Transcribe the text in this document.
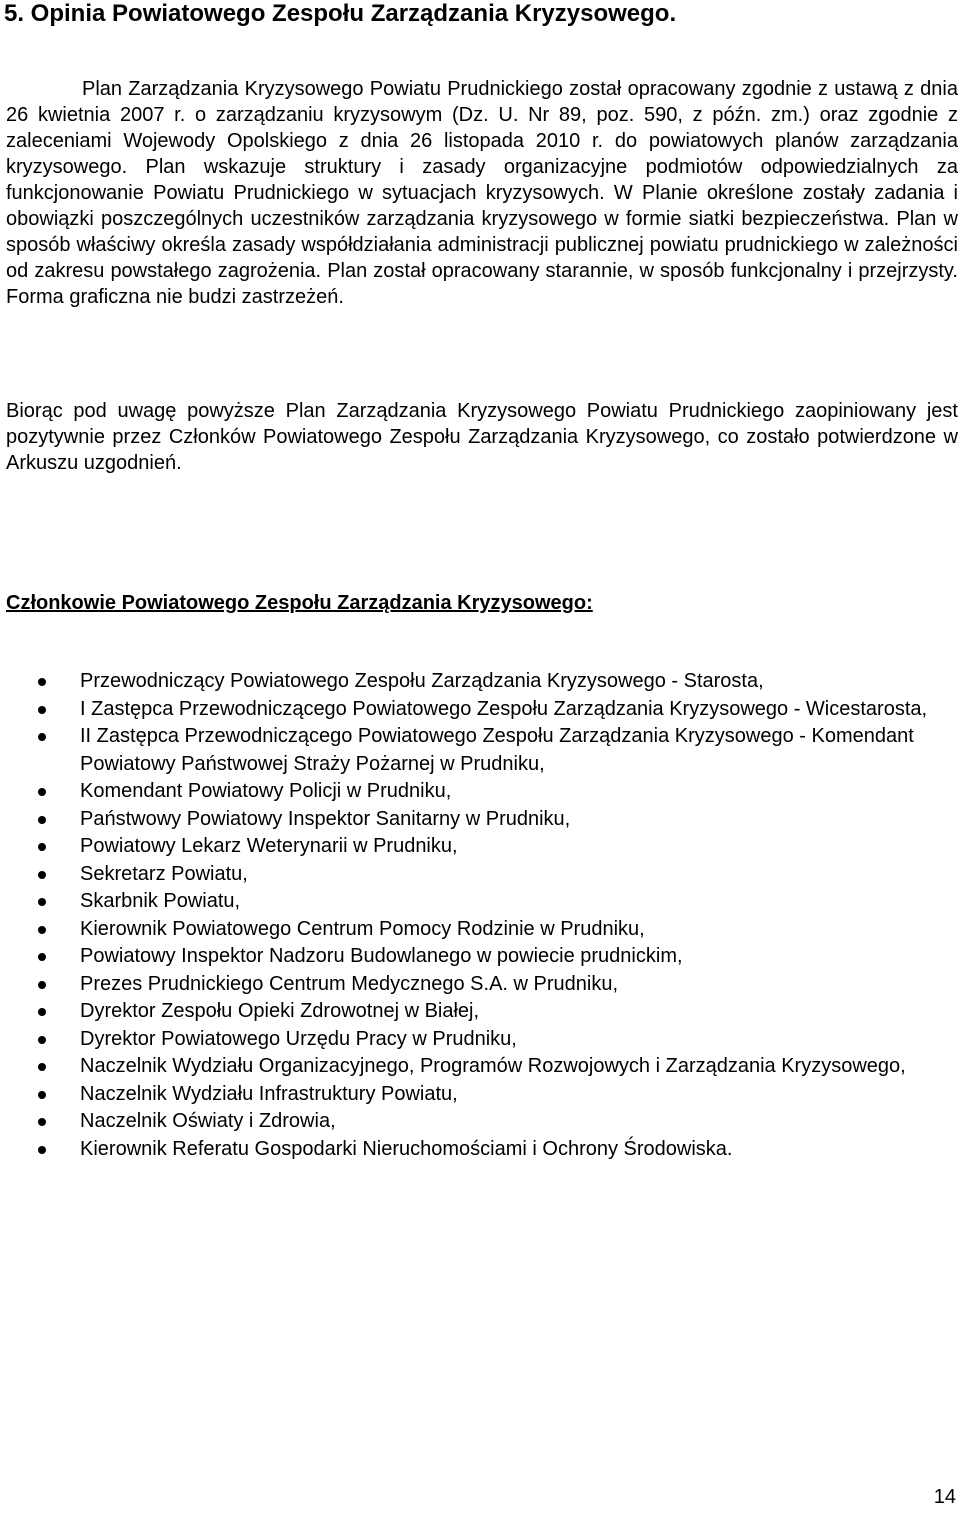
5. Opinia Powiatowego Zespołu Zarządzania Kryzysowego.

Plan Zarządzania Kryzysowego Powiatu Prudnickiego został opracowany zgodnie z ustawą z dnia 26 kwietnia 2007 r. o zarządzaniu kryzysowym (Dz. U. Nr 89, poz. 590, z późn. zm.) oraz zgodnie z zaleceniami Wojewody Opolskiego z dnia 26 listopada 2010 r. do powiatowych planów zarządzania kryzysowego. Plan wskazuje struktury i zasady organizacyjne podmiotów odpowiedzialnych za funkcjonowanie Powiatu Prudnickiego w sytuacjach kryzysowych. W Planie określone zostały zadania i obowiązki poszczególnych uczestników zarządzania kryzysowego w formie siatki bezpieczeństwa. Plan w sposób właściwy określa zasady współdziałania administracji publicznej powiatu prudnickiego w zależności od zakresu powstałego zagrożenia. Plan został opracowany starannie, w sposób funkcjonalny i przejrzysty. Forma graficzna nie budzi zastrzeżeń.

Biorąc pod uwagę powyższe Plan Zarządzania Kryzysowego Powiatu Prudnickiego zaopiniowany jest pozytywnie przez Członków Powiatowego Zespołu Zarządzania Kryzysowego, co zostało potwierdzone w Arkuszu uzgodnień.

Członkowie Powiatowego Zespołu Zarządzania Kryzysowego:
Przewodniczący Powiatowego Zespołu Zarządzania Kryzysowego - Starosta,
I Zastępca Przewodniczącego Powiatowego Zespołu Zarządzania Kryzysowego - Wicestarosta,
II Zastępca Przewodniczącego Powiatowego Zespołu Zarządzania Kryzysowego - Komendant Powiatowy Państwowej Straży Pożarnej w Prudniku,
Komendant Powiatowy Policji w Prudniku,
Państwowy Powiatowy Inspektor Sanitarny w Prudniku,
Powiatowy Lekarz Weterynarii w Prudniku,
Sekretarz Powiatu,
Skarbnik Powiatu,
Kierownik Powiatowego Centrum Pomocy Rodzinie w Prudniku,
Powiatowy Inspektor Nadzoru Budowlanego w powiecie prudnickim,
Prezes Prudnickiego Centrum Medycznego S.A. w Prudniku,
Dyrektor Zespołu Opieki Zdrowotnej w Białej,
Dyrektor Powiatowego Urzędu Pracy w Prudniku,
Naczelnik Wydziału Organizacyjnego, Programów Rozwojowych i Zarządzania Kryzysowego,
Naczelnik Wydziału Infrastruktury Powiatu,
Naczelnik Oświaty i Zdrowia,
Kierownik Referatu Gospodarki Nieruchomościami i Ochrony Środowiska.
14
